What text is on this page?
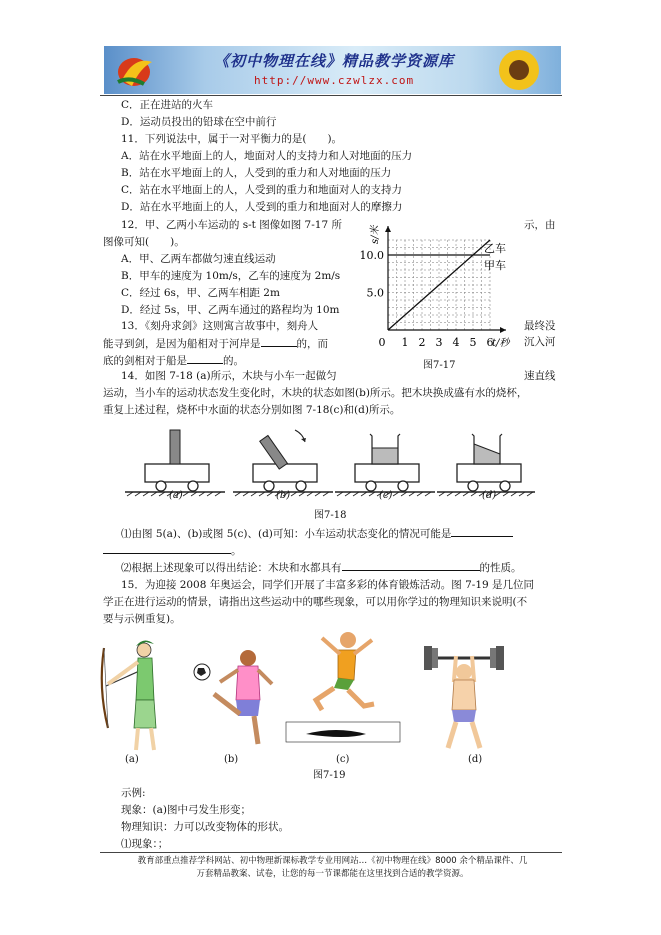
《初中物理在线》精品教学资源库
http://www.czwlzx.com
C．正在进站的火车
D．运动员投出的铅球在空中前行
11．下列说法中，属于一对平衡力的是(　　)。
A．站在水平地面上的人，地面对人的支持力和人对地面的压力
B．站在水平地面上的人，人受到的重力和人对地面的压力
C．站在水平地面上的人，人受到的重力和地面对人的支持力
D．站在水平地面上的人，人受到的重力和地面对人的摩擦力
12．甲、乙两小车运动的 s-t 图像如图 7-17 所	示，由
图像可知(　　)。
A．甲、乙两车都做匀速直线运动
B．甲车的速度为 10m/s，乙车的速度为 2m/s
C．经过 6s，甲、乙两车相距 2m
D．经过 5s，甲、乙两车通过的路程均为 10m
13．《刻舟求剑》这则寓言故事中，刻舟人	最终没
能寻到剑，是因为船相对于河岸是	的，而	沉入河
底的剑相对于船是	的。
14．如图 7-18 (a)所示，木块与小车一起做匀	速直线
运动，当小车的运动状态发生变化时，木块的状态如图(b)所示。把木块换成盛有水的烧杯，
重复上述过程，烧杯中水面的状态分别如图 7-18(c)和(d)所示。
10.0
5.0
0 1 2 3 4 5 6
s/米
t/秒
乙车
甲车
图7-17
(a)	(b)	(c)	(d)
图7-18
⑴由图 5(a)、(b)或图 5(c)、(d)可知：小车运动状态变化的情况可能是
。
⑵根据上述现象可以得出结论：木块和水都具有	的性质。
15．为迎接 2008 年奥运会，同学们开展了丰富多彩的体育锻炼活动。图 7-19 是几位同
学正在进行运动的情景，请指出这些运动中的哪些现象，可以用你学过的物理知识来说明(不
要与示例重复)。
(a)	(b)	(c)	(d)
图7-19
示例:
现象：(a)图中弓发生形变；
物理知识：力可以改变物体的形状。
⑴现象：；
教育部重点推荐学科网站、初中物理新课标教学专业用网站…《初中物理在线》8000 余个精品课件、几
万套精品教案、试卷，让您的每一节课都能在这里找到合适的教学资源。
